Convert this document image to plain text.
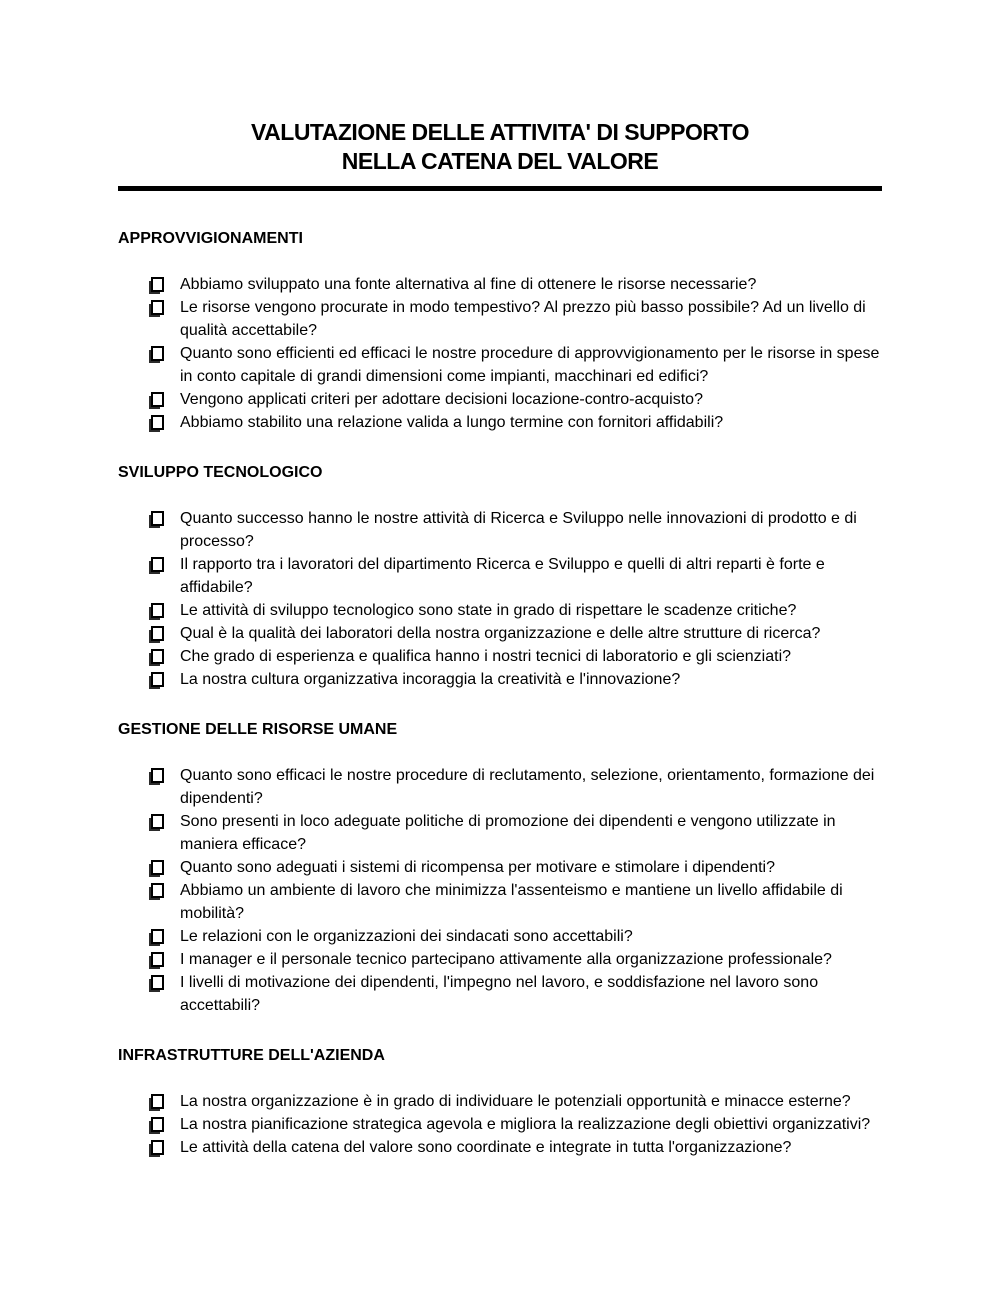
VALUTAZIONE DELLE ATTIVITA' DI SUPPORTO
NELLA CATENA DEL VALORE
APPROVVIGIONAMENTI
Abbiamo sviluppato una fonte alternativa al fine di ottenere le risorse necessarie?
Le risorse vengono procurate in modo tempestivo? Al prezzo più basso possibile? Ad un livello di qualità accettabile?
Quanto sono efficienti ed efficaci le nostre procedure di approvvigionamento per le risorse in spese in conto capitale di grandi dimensioni come impianti, macchinari ed edifici?
Vengono applicati criteri per adottare decisioni locazione-contro-acquisto?
Abbiamo stabilito una relazione valida a lungo termine con fornitori affidabili?
SVILUPPO TECNOLOGICO
Quanto successo hanno le nostre attività di Ricerca e Sviluppo nelle innovazioni di prodotto e di processo?
Il rapporto tra i lavoratori del dipartimento Ricerca e Sviluppo e quelli di altri reparti è forte e affidabile?
Le attività di sviluppo tecnologico sono state in grado di rispettare le scadenze critiche?
Qual è la qualità dei laboratori della nostra organizzazione e delle altre strutture di ricerca?
Che grado di esperienza e qualifica hanno i nostri tecnici di laboratorio e gli scienziati?
La nostra cultura organizzativa incoraggia la creatività e l'innovazione?
GESTIONE DELLE RISORSE UMANE
Quanto sono efficaci le nostre procedure di reclutamento, selezione, orientamento, formazione dei dipendenti?
Sono presenti in loco adeguate politiche di promozione dei dipendenti e vengono utilizzate in maniera efficace?
Quanto sono adeguati i sistemi di ricompensa per motivare e stimolare i dipendenti?
Abbiamo un ambiente di lavoro che minimizza l'assenteismo e mantiene un livello affidabile di mobilità?
Le relazioni con le organizzazioni dei sindacati sono accettabili?
I manager e il personale tecnico partecipano attivamente alla organizzazione professionale?
I livelli di motivazione dei dipendenti, l'impegno nel lavoro, e soddisfazione nel lavoro sono accettabili?
INFRASTRUTTURE DELL'AZIENDA
La nostra organizzazione è in grado di individuare le potenziali opportunità e minacce esterne?
La nostra pianificazione strategica agevola e migliora la realizzazione degli obiettivi organizzativi?
Le attività della catena del valore sono coordinate e integrate in tutta l'organizzazione?
